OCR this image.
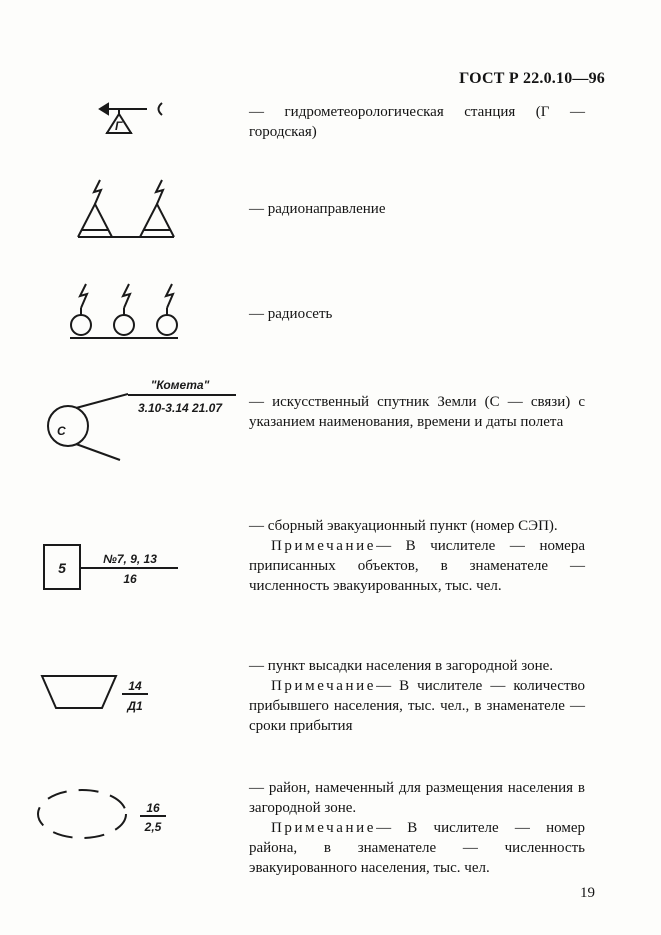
ГОСТ Р 22.0.10—96
Г

— гидрометеорологическая станция (Г — городская)

— радионаправление

— радиосеть

"Комета"
3.10-3.14 21.07
С

— искусственный спутник Земли (С — связи) с указанием наименования, времени и даты полета

5
№7, 9, 13
16

— сборный эвакуационный пункт (номер СЭП).

Примечание— В числителе — номера приписанных объектов, в знаменателе — численность эвакуированных, тыс. чел.

14
Д1

— пункт высадки населения в загородной зоне.

Примечание— В числителе — количество прибывшего населения, тыс. чел., в знаменателе — сроки прибытия

16
2,5

— район, намеченный для размещения населения в загородной зоне.

Примечание— В числителе — номер района, в знаменателе — численность эвакуированного населения, тыс. чел.

19
